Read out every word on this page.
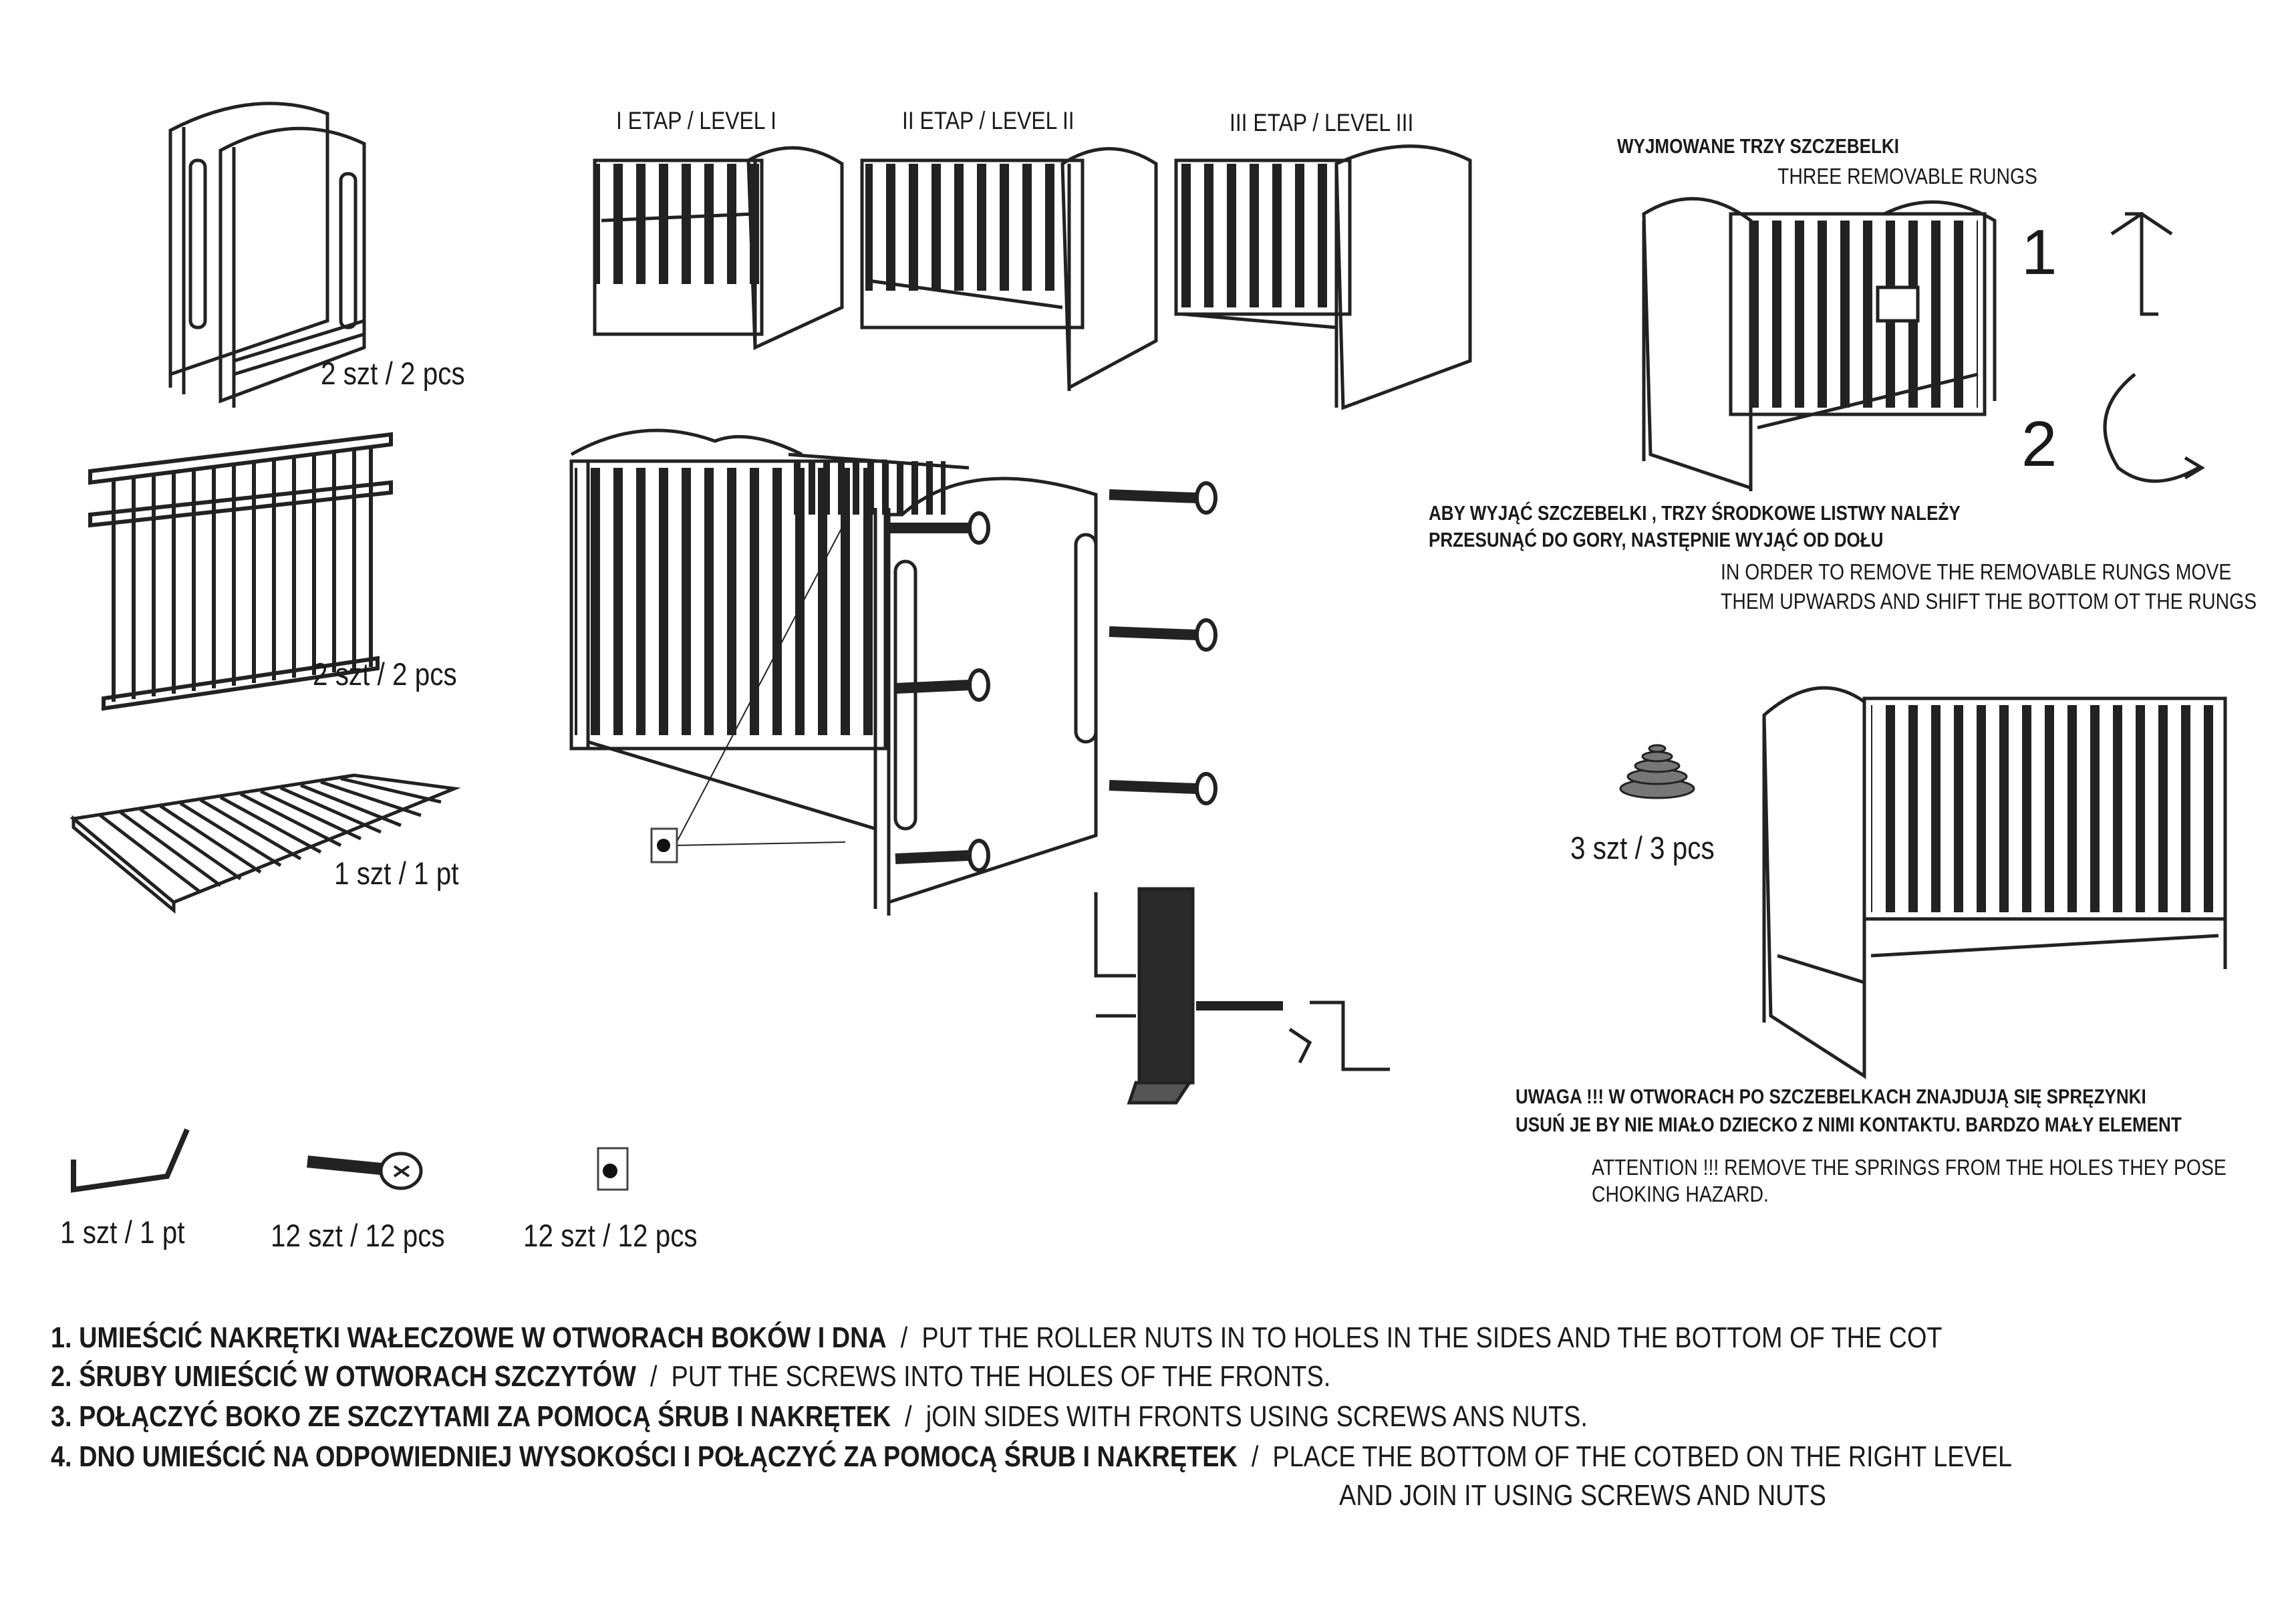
2 szt / 2 pcs
2 szt / 2 pcs
1 szt / 1 pt
3 szt / 3 pcs
1 szt / 1 pt	12 szt / 12 pcs 12 szt / 12 pcs
I ETAP / LEVEL I	II ETAP / LEVEL II	III ETAP / LEVEL III
WYJMOWANE TRZY SZCZEBELKI
THREE REMOVABLE RUNGS
1
2
ABY WYJĄĆ SZCZEBELKI , TRZY ŚRODKOWE LISTWY NALEŻY
PRZESUNĄĆ DO GORY, NASTĘPNIE WYJĄĆ OD DOŁU
IN ORDER TO REMOVE THE REMOVABLE RUNGS MOVE
THEM UPWARDS AND SHIFT THE BOTTOM OT THE RUNGS
UWAGA !!! W OTWORACH PO SZCZEBELKACH ZNAJDUJĄ SIĘ SPRĘZYNKI
USUŃ JE BY NIE MIAŁO DZIECKO Z NIMI KONTAKTU. BARDZO MAŁY ELEMENT
ATTENTION !!! REMOVE THE SPRINGS FROM THE HOLES THEY POSE
CHOKING HAZARD.
1. UMIEŚCIĆ NAKRĘTKI WAŁECZOWE W OTWORACH BOKÓW I DNA  /  PUT THE ROLLER NUTS IN TO HOLES IN THE SIDES AND THE BOTTOM OF THE COT
2. ŚRUBY UMIEŚCIĆ W OTWORACH SZCZYTÓW  /  PUT THE SCREWS INTO THE HOLES OF THE FRONTS.
3. POŁĄCZYĆ BOKO ZE SZCZYTAMI ZA POMOCĄ ŚRUB I NAKRĘTEK  /  jOIN SIDES WITH FRONTS USING SCREWS ANS NUTS.
4. DNO UMIEŚCIĆ NA ODPOWIEDNIEJ WYSOKOŚCI I POŁĄCZYĆ ZA POMOCĄ ŚRUB I NAKRĘTEK  /  PLACE THE BOTTOM OF THE COTBED ON THE RIGHT LEVEL
AND JOIN IT USING SCREWS AND NUTS
